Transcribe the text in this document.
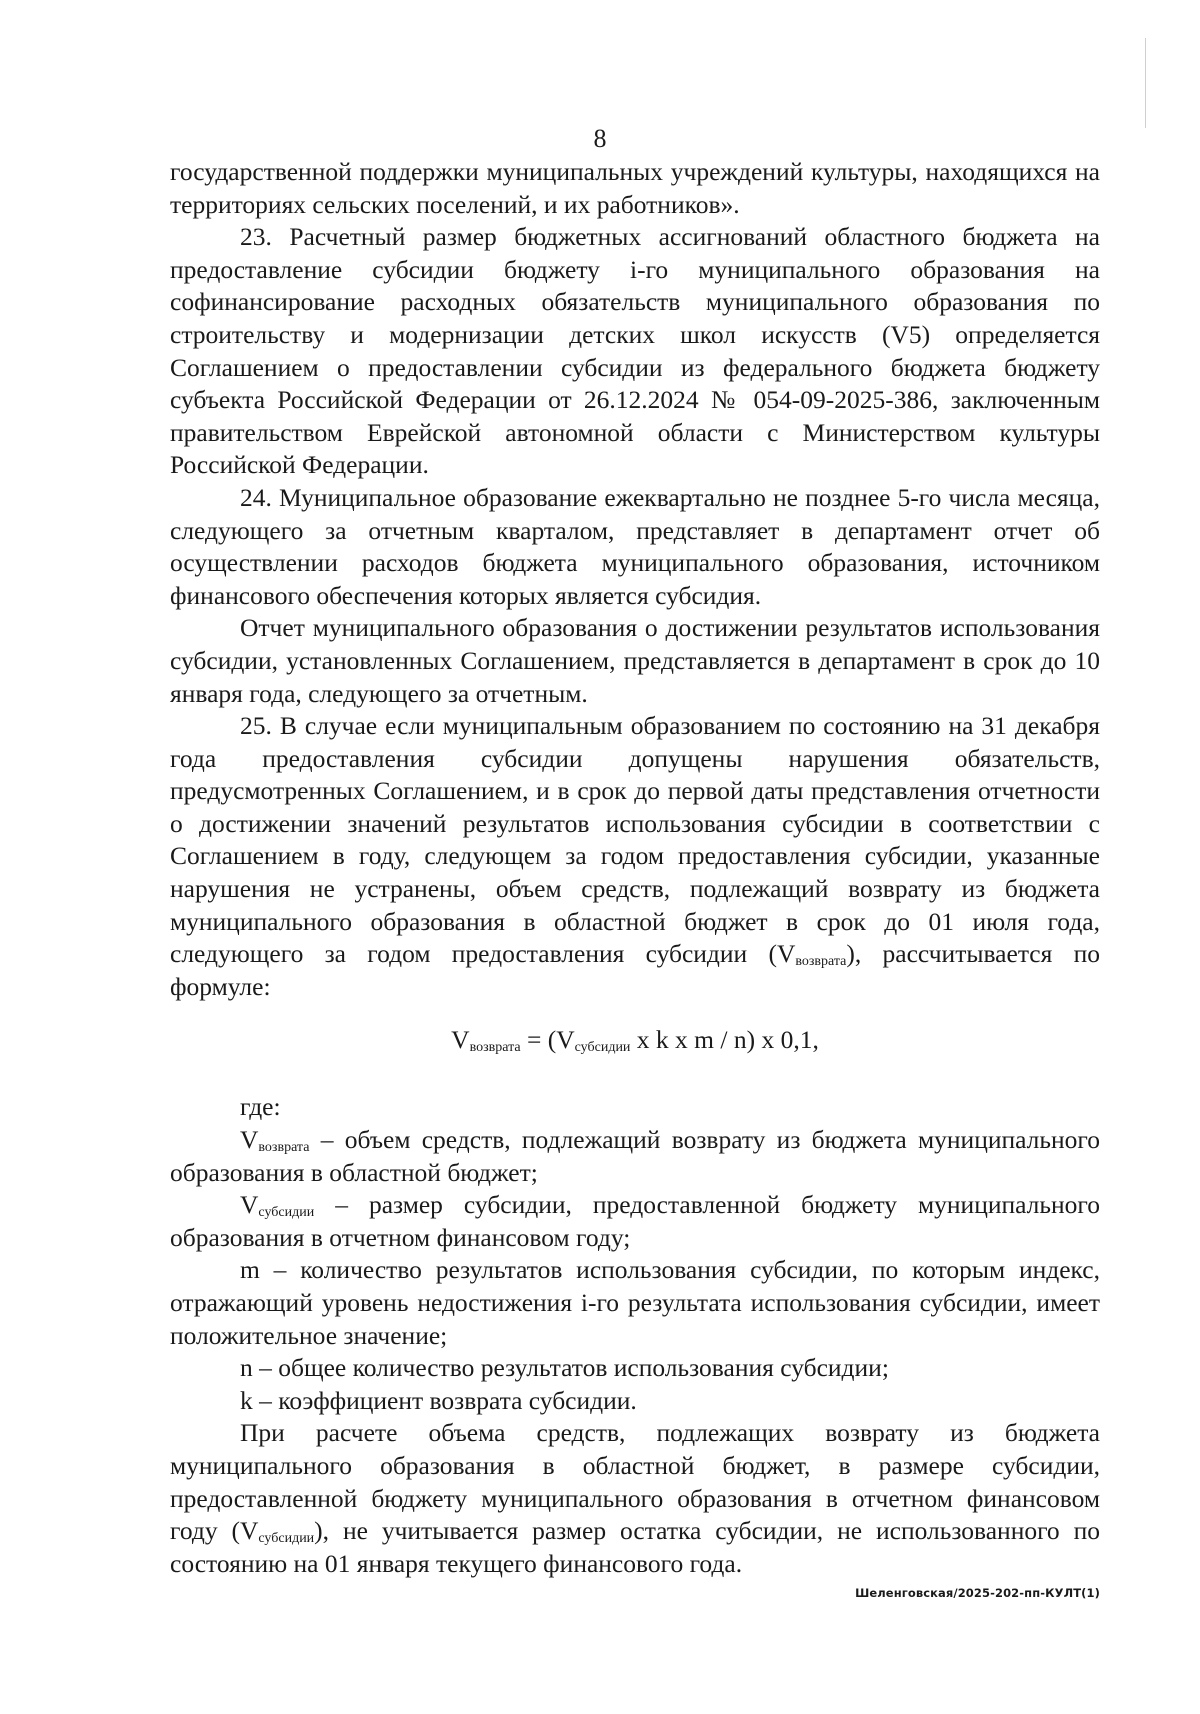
8

государственной поддержки муниципальных учреждений культуры, находящихся на территориях сельских поселений, и их работников».

23. Расчетный размер бюджетных ассигнований областного бюджета на предоставление субсидии бюджету i-го муниципального образования на софинансирование расходных обязательств муниципального образования по строительству и модернизации детских школ искусств (V5) определяется Соглашением о предоставлении субсидии из федерального бюджета бюджету субъекта Российской Федерации от 26.12.2024 № 054-09-2025-386, заключенным правительством Еврейской автономной области с Министерством культуры Российской Федерации.

24. Муниципальное образование ежеквартально не позднее 5-го числа месяца, следующего за отчетным кварталом, представляет в департамент отчет об осуществлении расходов бюджета муниципального образования, источником финансового обеспечения которых является субсидия.

Отчет муниципального образования о достижении результатов использования субсидии, установленных Соглашением, представляется в департамент в срок до 10 января года, следующего за отчетным.

25. В случае если муниципальным образованием по состоянию на 31 декабря года предоставления субсидии допущены нарушения обязательств, предусмотренных Соглашением, и в срок до первой даты представления отчетности о достижении значений результатов использования субсидии в соответствии с Соглашением в году, следующем за годом предоставления субсидии, указанные нарушения не устранены, объем средств, подлежащий возврату из бюджета муниципального образования в областной бюджет в срок до 01 июля года, следующего за годом предоставления субсидии $(V_{возврата})$, рассчитывается по формуле:

$V_{возврата} = (V_{субсидии}$ x k x m / n) x 0,1,

где:

$V_{возврата}$ – объем средств, подлежащий возврату из бюджета муниципального образования в областной бюджет;

$V_{субсидии}$ – размер субсидии, предоставленной бюджету муниципального образования в отчетном финансовом году;

m – количество результатов использования субсидии, по которым индекс, отражающий уровень недостижения i-го результата использования субсидии, имеет положительное значение;

n – общее количество результатов использования субсидии;

k – коэффициент возврата субсидии.

При расчете объема средств, подлежащих возврату из бюджета муниципального образования в областной бюджет, в размере субсидии, предоставленной бюджету муниципального образования в отчетном финансовом году $(V_{субсидии})$, не учитывается размер остатка субсидии, не использованного по состоянию на 01 января текущего финансового года.

Шеленговская/2025-202-пп-КУЛТ(1)
